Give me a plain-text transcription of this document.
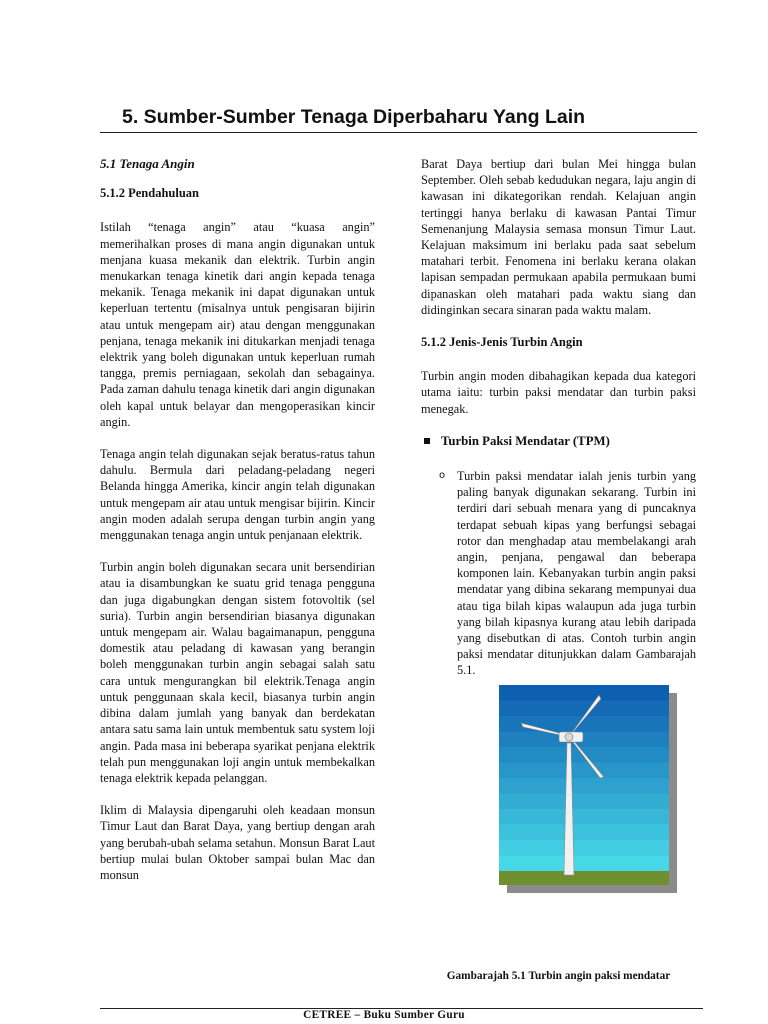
5. Sumber-Sumber Tenaga Diperbaharu Yang Lain
5.1 Tenaga Angin
5.1.2 Pendahuluan

Istilah “tenaga angin” atau “kuasa angin” memerihalkan proses di mana angin digunakan untuk menjana kuasa mekanik dan elektrik. Turbin angin menukarkan tenaga kinetik dari angin kepada tenaga mekanik. Tenaga mekanik ini dapat digunakan untuk keperluan tertentu (misalnya untuk pengisaran bijirin atau untuk mengepam air) atau dengan menggunakan penjana, tenaga mekanik ini ditukarkan menjadi tenaga elektrik yang boleh digunakan untuk keperluan rumah tangga, premis perniagaan, sekolah dan sebagainya. Pada zaman dahulu tenaga kinetik dari angin digunakan oleh kapal untuk belayar dan mengoperasikan kincir angin.

Tenaga angin telah digunakan sejak beratus-ratus tahun dahulu. Bermula dari peladang-peladang negeri Belanda hingga Amerika, kincir angin telah digunakan untuk mengepam air atau untuk mengisar bijirin. Kincir angin moden adalah serupa dengan turbin angin yang menggunakan tenaga angin untuk penjanaan elektrik.

Turbin angin boleh digunakan secara unit bersendirian atau ia disambungkan ke suatu grid tenaga pengguna dan juga digabungkan dengan sistem fotovoltik (sel suria). Turbin angin bersendirian biasanya digunakan untuk mengepam air. Walau bagaimanapun, pengguna domestik atau peladang di kawasan yang berangin boleh menggunakan turbin angin sebagai salah satu cara untuk mengurangkan bil elektrik.Tenaga angin untuk penggunaan skala kecil, biasanya turbin angin dibina dalam jumlah yang banyak dan berdekatan antara satu sama lain untuk membentuk satu system loji angin. Pada masa ini beberapa syarikat penjana elektrik telah pun menggunakan loji angin untuk membekalkan tenaga elektrik kepada pelanggan.

Iklim di Malaysia dipengaruhi oleh keadaan monsun Timur Laut dan Barat Daya, yang bertiup dengan arah yang berubah-ubah selama setahun. Monsun Barat Laut bertiup mulai bulan Oktober sampai bulan Mac dan monsun

Barat Daya bertiup dari bulan Mei hingga bulan September. Oleh sebab kedudukan negara, laju angin di kawasan ini dikategorikan rendah. Kelajuan angin tertinggi hanya berlaku di kawasan Pantai Timur Semenanjung Malaysia semasa monsun Timur Laut. Kelajuan maksimum ini berlaku pada saat sebelum matahari terbit. Fenomena ini berlaku kerana olakan lapisan sempadan permukaan apabila permukaan bumi dipanaskan oleh matahari pada waktu siang dan didinginkan secara sinaran pada waktu malam.

5.1.2 Jenis-Jenis Turbin Angin

Turbin angin moden dibahagikan kepada dua kategori utama iaitu: turbin paksi mendatar dan turbin paksi menegak.

Turbin Paksi Mendatar (TPM)
o Turbin paksi mendatar ialah jenis turbin yang paling banyak digunakan sekarang. Turbin ini terdiri dari sebuah menara yang di puncaknya terdapat sebuah kipas yang berfungsi sebagai rotor dan menghadap atau membelakangi arah angin, penjana, pengawal dan beberapa komponen lain. Kebanyakan turbin angin paksi mendatar yang dibina sekarang mempunyai dua atau tiga bilah kipas walaupun ada juga turbin yang bilah kipasnya kurang atau lebih daripada yang disebutkan di atas. Contoh turbin angin paksi mendatar ditunjukkan dalam Gambarajah 5.1.

Gambarajah 5.1 Turbin angin paksi mendatar
CETREE – Buku Sumber Guru
